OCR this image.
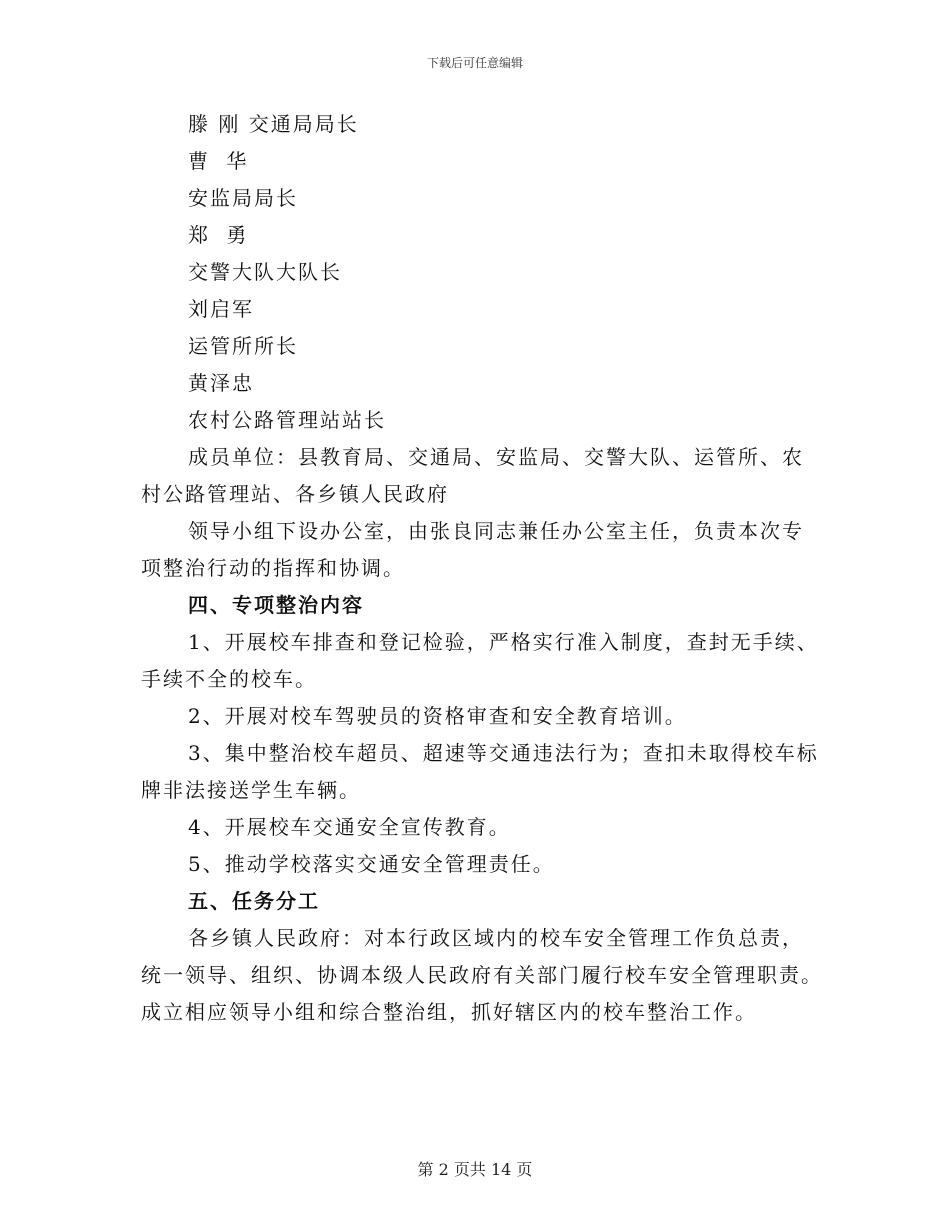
下载后可任意编辑
滕 刚 交通局局长
曹 华
安监局局长
郑 勇
交警大队大队长
刘启军
运管所所长
黄泽忠
农村公路管理站站长
成员单位：县教育局、交通局、安监局、交警大队、运管所、农
村公路管理站、各乡镇人民政府
领导小组下设办公室，由张良同志兼任办公室主任，负责本次专
项整治行动的指挥和协调。
四、专项整治内容
1、开展校车排查和登记检验，严格实行准入制度，查封无手续、
手续不全的校车。
2、开展对校车驾驶员的资格审查和安全教育培训。
3、集中整治校车超员、超速等交通违法行为；查扣未取得校车标
牌非法接送学生车辆。
4、开展校车交通安全宣传教育。
5、推动学校落实交通安全管理责任。
五、任务分工
各乡镇人民政府：对本行政区域内的校车安全管理工作负总责，
统一领导、组织、协调本级人民政府有关部门履行校车安全管理职责。
成立相应领导小组和综合整治组，抓好辖区内的校车整治工作。
第 2 页共 14 页
